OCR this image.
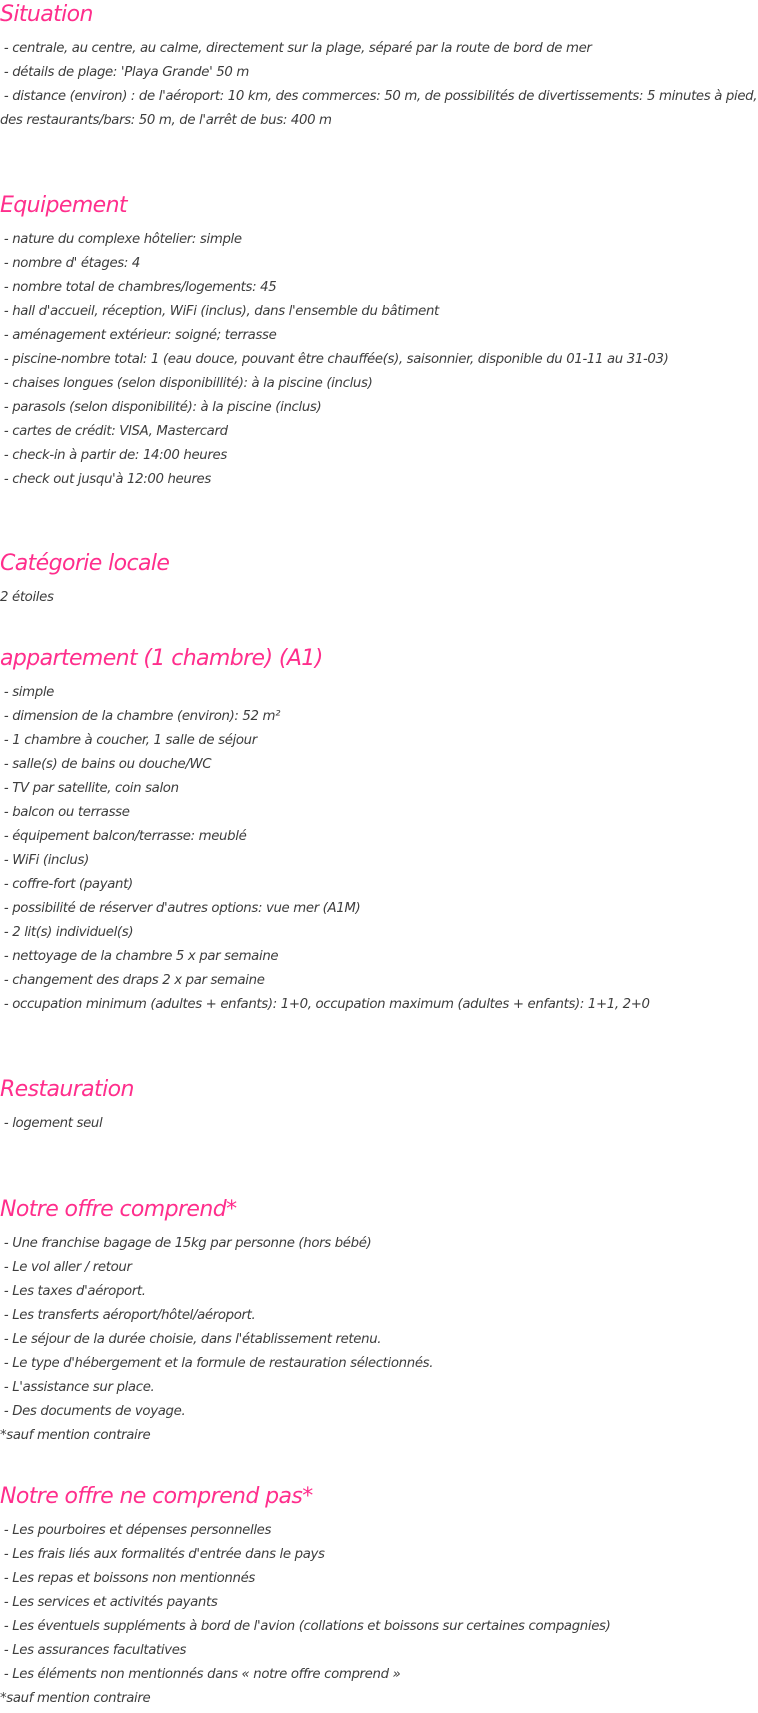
Situation
- centrale, au centre, au calme, directement sur la plage, séparé par la route de bord de mer
- détails de plage: 'Playa Grande' 50 m
- distance (environ) : de l'aéroport: 10 km, des commerces: 50 m, de possibilités de divertissements: 5 minutes à pied, des restaurants/bars: 50 m, de l'arrêt de bus: 400 m
Equipement
- nature du complexe hôtelier: simple
- nombre d' étages: 4
- nombre total de chambres/logements: 45
- hall d'accueil, réception, WiFi (inclus), dans l'ensemble du bâtiment
- aménagement extérieur: soigné; terrasse
- piscine-nombre total: 1 (eau douce, pouvant être chauffée(s), saisonnier, disponible du 01-11 au 31-03)
- chaises longues (selon disponibillité): à la piscine (inclus)
- parasols (selon disponibilité): à la piscine (inclus)
- cartes de crédit: VISA, Mastercard
- check-in à partir de: 14:00 heures
- check out jusqu'à 12:00 heures
Catégorie locale

2 étoiles

appartement (1 chambre) (A1)
- simple
- dimension de la chambre (environ): 52 m²
- 1 chambre à coucher, 1 salle de séjour
- salle(s) de bains ou douche/WC
- TV par satellite, coin salon
- balcon ou terrasse
- équipement balcon/terrasse: meublé
- WiFi (inclus)
- coffre-fort (payant)
- possibilité de réserver d'autres options: vue mer (A1M)
- 2 lit(s) individuel(s)
- nettoyage de la chambre 5 x par semaine
- changement des draps 2 x par semaine
- occupation minimum (adultes + enfants): 1+0, occupation maximum (adultes + enfants): 1+1, 2+0
Restauration
- logement seul
Notre offre comprend*
- Une franchise bagage de 15kg par personne (hors bébé)
- Le vol aller / retour
- Les taxes d'aéroport.
- Les transferts aéroport/hôtel/aéroport.
- Le séjour de la durée choisie, dans l'établissement retenu.
- Le type d'hébergement et la formule de restauration sélectionnés.
- L'assistance sur place.
- Des documents de voyage.
*sauf mention contraire
Notre offre ne comprend pas*
- Les pourboires et dépenses personnelles
- Les frais liés aux formalités d'entrée dans le pays
- Les repas et boissons non mentionnés
- Les services et activités payants
- Les éventuels suppléments à bord de l'avion (collations et boissons sur certaines compagnies)
- Les assurances facultatives
- Les éléments non mentionnés dans « notre offre comprend »
*sauf mention contraire
